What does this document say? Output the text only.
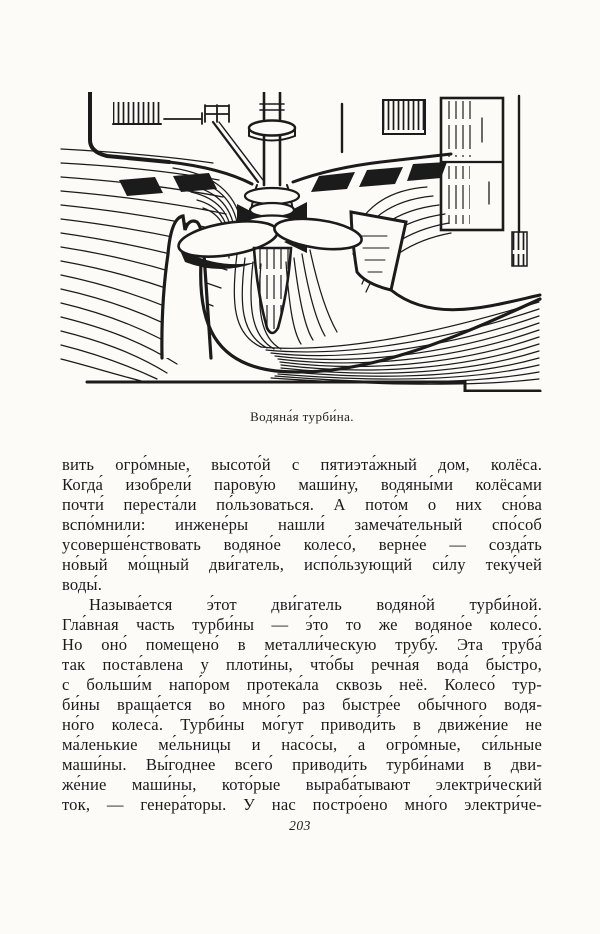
Водяна́я турби́на.
вить огро́мные, высото́й с пятиэта́жный дом, колёса.
Когда́ изобрели́ парову́ю маши́ну, водяны́ми колёсами
почти́ переста́ли по́льзоваться. А пото́м о них сно́ва
вспо́мнили: инжене́ры нашли́ замеча́тельный спо́соб
усоверше́нствовать водяно́е колесо́, верне́е — созда́ть
но́вый мо́щный дви́гатель, испо́льзующий си́лу теку́чей
воды́.
Называ́ется э́тот дви́гатель водяно́й турби́ной.
Гла́вная часть турби́ны — э́то то же водяно́е колесо́.
Но оно́ помещено́ в металли́ческую трубу́. Эта труба́
так поста́влена у плоти́ны, что́бы речна́я вода́ бы́стро,
с больши́м напо́ром протека́ла сквозь неё. Колесо́ тур-
би́ны враща́ется во мно́го раз быстре́е обы́чного водя-
но́го колеса́. Турби́ны мо́гут приводи́ть в движе́ние не
ма́ленькие ме́льницы и насо́сы, а огро́мные, си́льные
маши́ны. Вы́годнее всего́ приводи́ть турби́нами в дви-
же́ние маши́ны, кото́рые выраба́тывают электри́ческий
ток, — генера́торы. У нас постро́ено мно́го электри́че-
203
